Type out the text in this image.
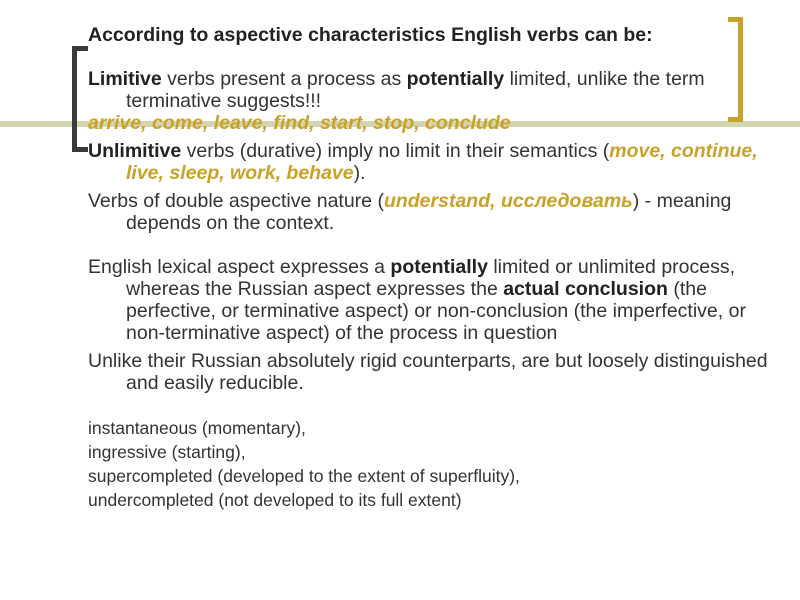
According to aspective characteristics English verbs can be:

Limitive verbs present a process as potentially limited, unlike the term terminative suggests!!!

arrive, come, leave, find, start, stop, conclude

Unlimitive verbs (durative) imply no limit in their semantics (move, continue, live, sleep, work, behave).

Verbs of double aspective nature (understand, исследовать) - meaning depends on the context.

English lexical aspect expresses a potentially limited or unlimited process, whereas the Russian aspect expresses the actual conclusion (the perfective, or terminative aspect) or non-conclusion (the imperfective, or non-terminative aspect) of the process in question

Unlike their Russian absolutely rigid counterparts, are but loosely distinguished and easily reducible.

instantaneous (momentary),

ingressive (starting),

supercompleted (developed to the extent of superfluity),

undercompleted (not developed to its full extent)
